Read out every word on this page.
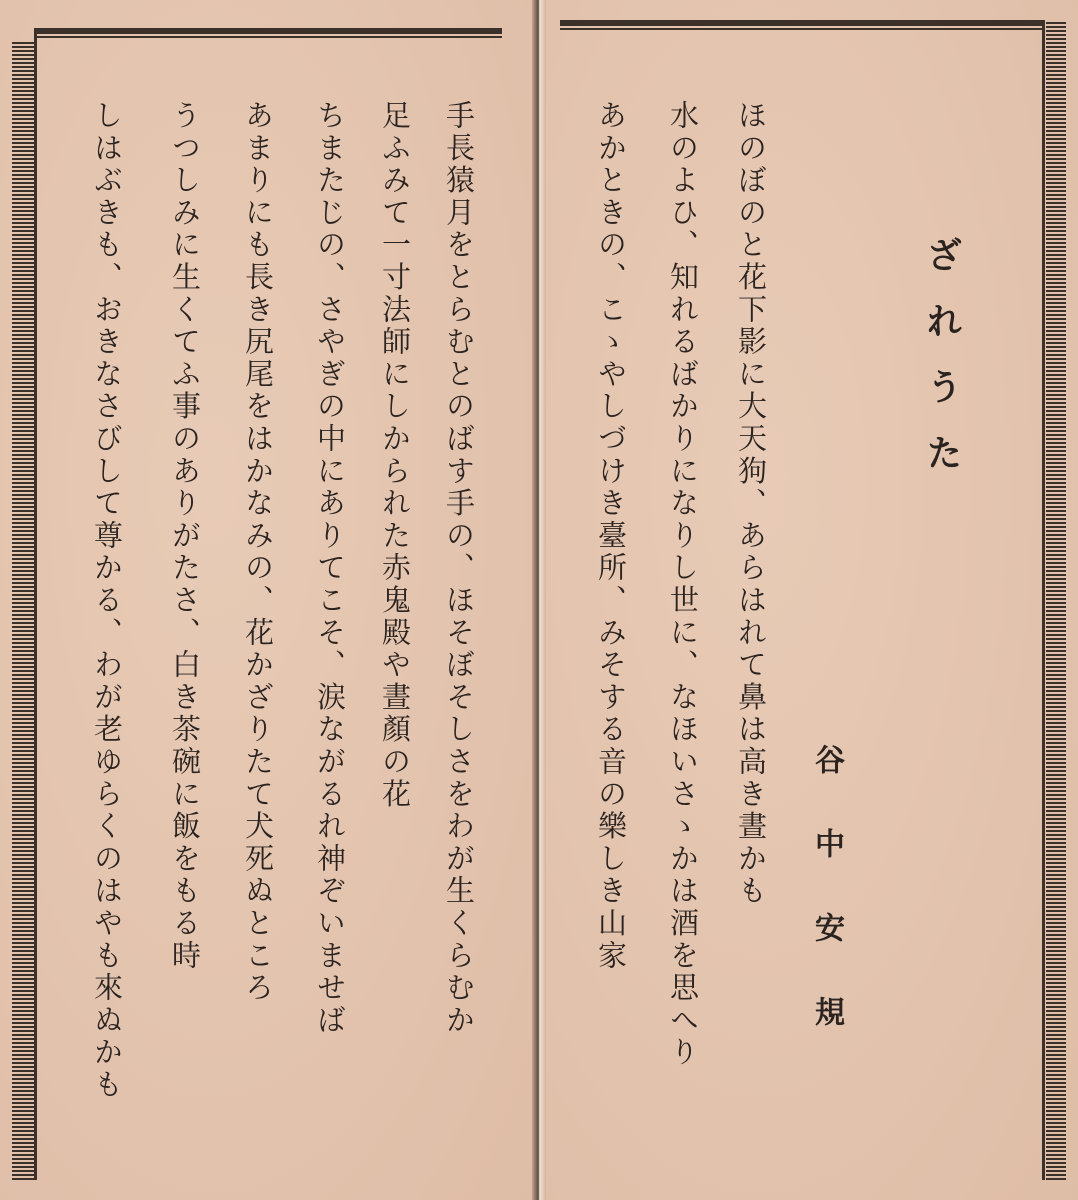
手長猿月をとらむとのばす手の、ほそぼそしさをわが生くらむか
足ふみて一寸法師にしかられた赤鬼殿や晝顏の花
ちまたじの、さやぎの中にありてこそ、涙ながるれ神ぞいませば
あまりにも長き尻尾をはかなみの、花かざりたて犬死ぬところ
うつしみに生くてふ事のありがたさ、白き茶碗に飯をもる時
しはぶきも、おきなさびして尊かる、わが老ゆらくのはやも來ぬかも	ざれうた
谷中安規
ほのぼのと花下影に大天狗、あらはれて鼻は高き晝かも
水のよひ、知れるばかりになりし世に、なほいさゝかは酒を思へり
あかときの、こゝやしづけき臺所、みそする音の樂しき山家
